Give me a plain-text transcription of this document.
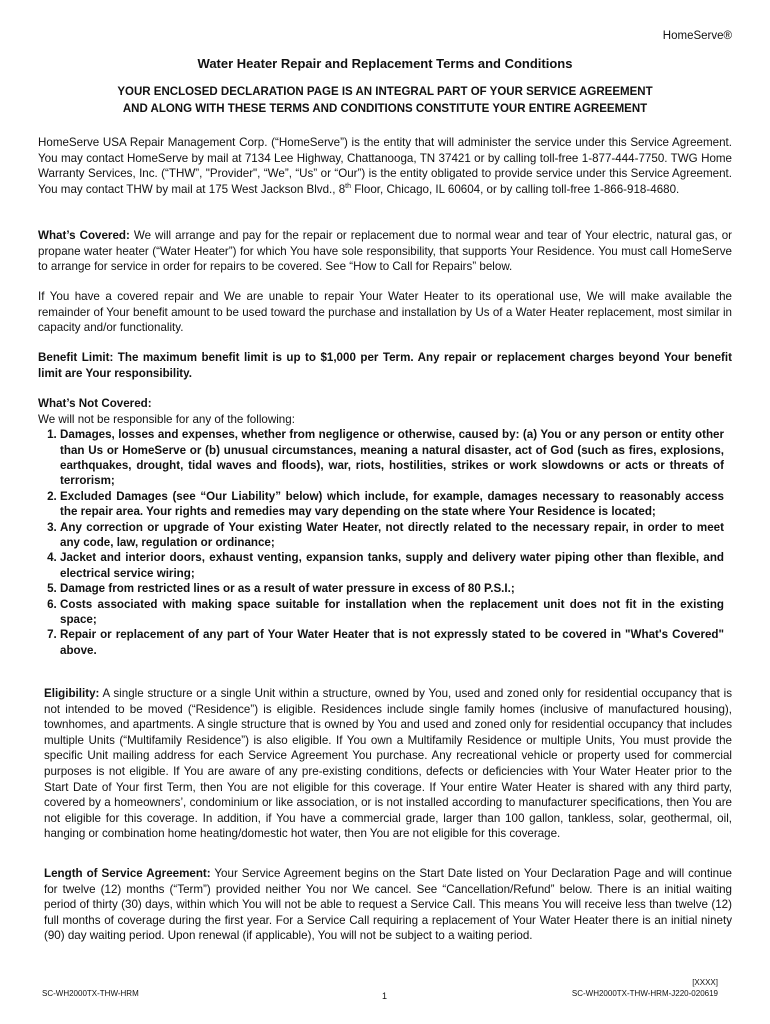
HomeServe®
Water Heater Repair and Replacement Terms and Conditions
YOUR ENCLOSED DECLARATION PAGE IS AN INTEGRAL PART OF YOUR SERVICE AGREEMENT
AND ALONG WITH THESE TERMS AND CONDITIONS CONSTITUTE YOUR ENTIRE AGREEMENT
HomeServe USA Repair Management Corp. (“HomeServe”) is the entity that will administer the service under this Service Agreement. You may contact HomeServe by mail at 7134 Lee Highway, Chattanooga, TN 37421 or by calling toll-free 1-877-444-7750. TWG Home Warranty Services, Inc. (“THW”, "Provider", “We”, “Us” or “Our”) is the entity obligated to provide service under this Service Agreement. You may contact THW by mail at 175 West Jackson Blvd., 8th Floor, Chicago, IL 60604, or by calling toll-free 1-866-918-4680.
What’s Covered: We will arrange and pay for the repair or replacement due to normal wear and tear of Your electric, natural gas, or propane water heater (“Water Heater”) for which You have sole responsibility, that supports Your Residence. You must call HomeServe to arrange for service in order for repairs to be covered. See “How to Call for Repairs” below.
If You have a covered repair and We are unable to repair Your Water Heater to its operational use, We will make available the remainder of Your benefit amount to be used toward the purchase and installation by Us of a Water Heater replacement, most similar in capacity and/or functionality.
Benefit Limit: The maximum benefit limit is up to $1,000 per Term. Any repair or replacement charges beyond Your benefit limit are Your responsibility.
What’s Not Covered:
We will not be responsible for any of the following:
1. Damages, losses and expenses, whether from negligence or otherwise, caused by: (a) You or any person or entity other than Us or HomeServe or (b) unusual circumstances, meaning a natural disaster, act of God (such as fires, explosions, earthquakes, drought, tidal waves and floods), war, riots, hostilities, strikes or work slowdowns or acts or threats of terrorism;
2. Excluded Damages (see “Our Liability” below) which include, for example, damages necessary to reasonably access the repair area. Your rights and remedies may vary depending on the state where Your Residence is located;
3. Any correction or upgrade of Your existing Water Heater, not directly related to the necessary repair, in order to meet any code, law, regulation or ordinance;
4. Jacket and interior doors, exhaust venting, expansion tanks, supply and delivery water piping other than flexible, and electrical service wiring;
5. Damage from restricted lines or as a result of water pressure in excess of 80 P.S.I.;
6. Costs associated with making space suitable for installation when the replacement unit does not fit in the existing space;
7. Repair or replacement of any part of Your Water Heater that is not expressly stated to be covered in "What's Covered" above.
Eligibility: A single structure or a single Unit within a structure, owned by You, used and zoned only for residential occupancy that is not intended to be moved (“Residence”) is eligible. Residences include single family homes (inclusive of manufactured housing), townhomes, and apartments. A single structure that is owned by You and used and zoned only for residential occupancy that includes multiple Units (“Multifamily Residence”) is also eligible. If You own a Multifamily Residence or multiple Units, You must provide the specific Unit mailing address for each Service Agreement You purchase. Any recreational vehicle or property used for commercial purposes is not eligible. If You are aware of any pre-existing conditions, defects or deficiencies with Your Water Heater prior to the Start Date of Your first Term, then You are not eligible for this coverage. If Your entire Water Heater is shared with any third party, covered by a homeowners’, condominium or like association, or is not installed according to manufacturer specifications, then You are not eligible for this coverage. In addition, if You have a commercial grade, larger than 100 gallon, tankless, solar, geothermal, oil, hanging or combination home heating/domestic hot water, then You are not eligible for this coverage.
Length of Service Agreement: Your Service Agreement begins on the Start Date listed on Your Declaration Page and will continue for twelve (12) months (“Term”) provided neither You nor We cancel. See “Cancellation/Refund” below. There is an initial waiting period of thirty (30) days, within which You will not be able to request a Service Call. This means You will receive less than twelve (12) full months of coverage during the first year. For a Service Call requiring a replacement of Your Water Heater there is an initial ninety (90) day waiting period. Upon renewal (if applicable), You will not be subject to a waiting period.
[XXXX]
SC-WH2000TX-THW-HRM	1	SC-WH2000TX-THW-HRM-J220-020619
